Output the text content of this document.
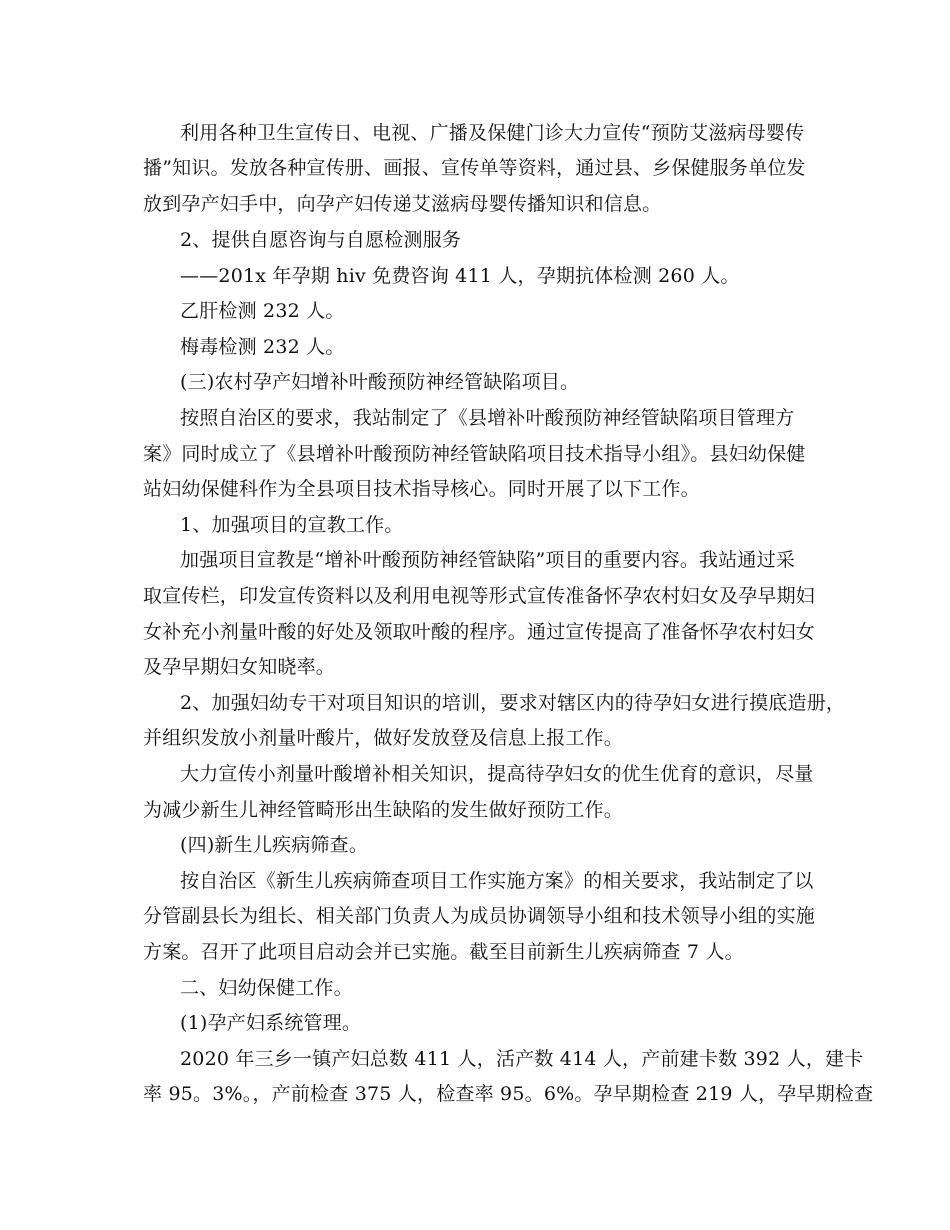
利用各种卫生宣传日、电视、广播及保健门诊大力宣传“预防艾滋病母婴传
播”知识。发放各种宣传册、画报、宣传单等资料，通过县、乡保健服务单位发
放到孕产妇手中，向孕产妇传递艾滋病母婴传播知识和信息。
2、提供自愿咨询与自愿检测服务
——201x 年孕期 hiv 免费咨询 411 人，孕期抗体检测 260 人。
乙肝检测 232 人。
梅毒检测 232 人。
(三)农村孕产妇增补叶酸预防神经管缺陷项目。
按照自治区的要求，我站制定了《县增补叶酸预防神经管缺陷项目管理方
案》同时成立了《县增补叶酸预防神经管缺陷项目技术指导小组》。县妇幼保健
站妇幼保健科作为全县项目技术指导核心。同时开展了以下工作。
1、加强项目的宣教工作。
加强项目宣教是“增补叶酸预防神经管缺陷”项目的重要内容。我站通过采
取宣传栏，印发宣传资料以及利用电视等形式宣传准备怀孕农村妇女及孕早期妇
女补充小剂量叶酸的好处及领取叶酸的程序。通过宣传提高了准备怀孕农村妇女
及孕早期妇女知晓率。
2、加强妇幼专干对项目知识的培训，要求对辖区内的待孕妇女进行摸底造册，
并组织发放小剂量叶酸片，做好发放登及信息上报工作。
大力宣传小剂量叶酸增补相关知识，提高待孕妇女的优生优育的意识，尽量
为减少新生儿神经管畸形出生缺陷的发生做好预防工作。
(四)新生儿疾病筛查。
按自治区《新生儿疾病筛查项目工作实施方案》的相关要求，我站制定了以
分管副县长为组长、相关部门负责人为成员协调领导小组和技术领导小组的实施
方案。召开了此项目启动会并已实施。截至目前新生儿疾病筛查 7 人。
二、妇幼保健工作。
(1)孕产妇系统管理。
2020 年三乡一镇产妇总数 411 人，活产数 414 人，产前建卡数 392 人，建卡
率 95。3%。，产前检查 375 人，检查率 95。6%。孕早期检查 219 人，孕早期检查
